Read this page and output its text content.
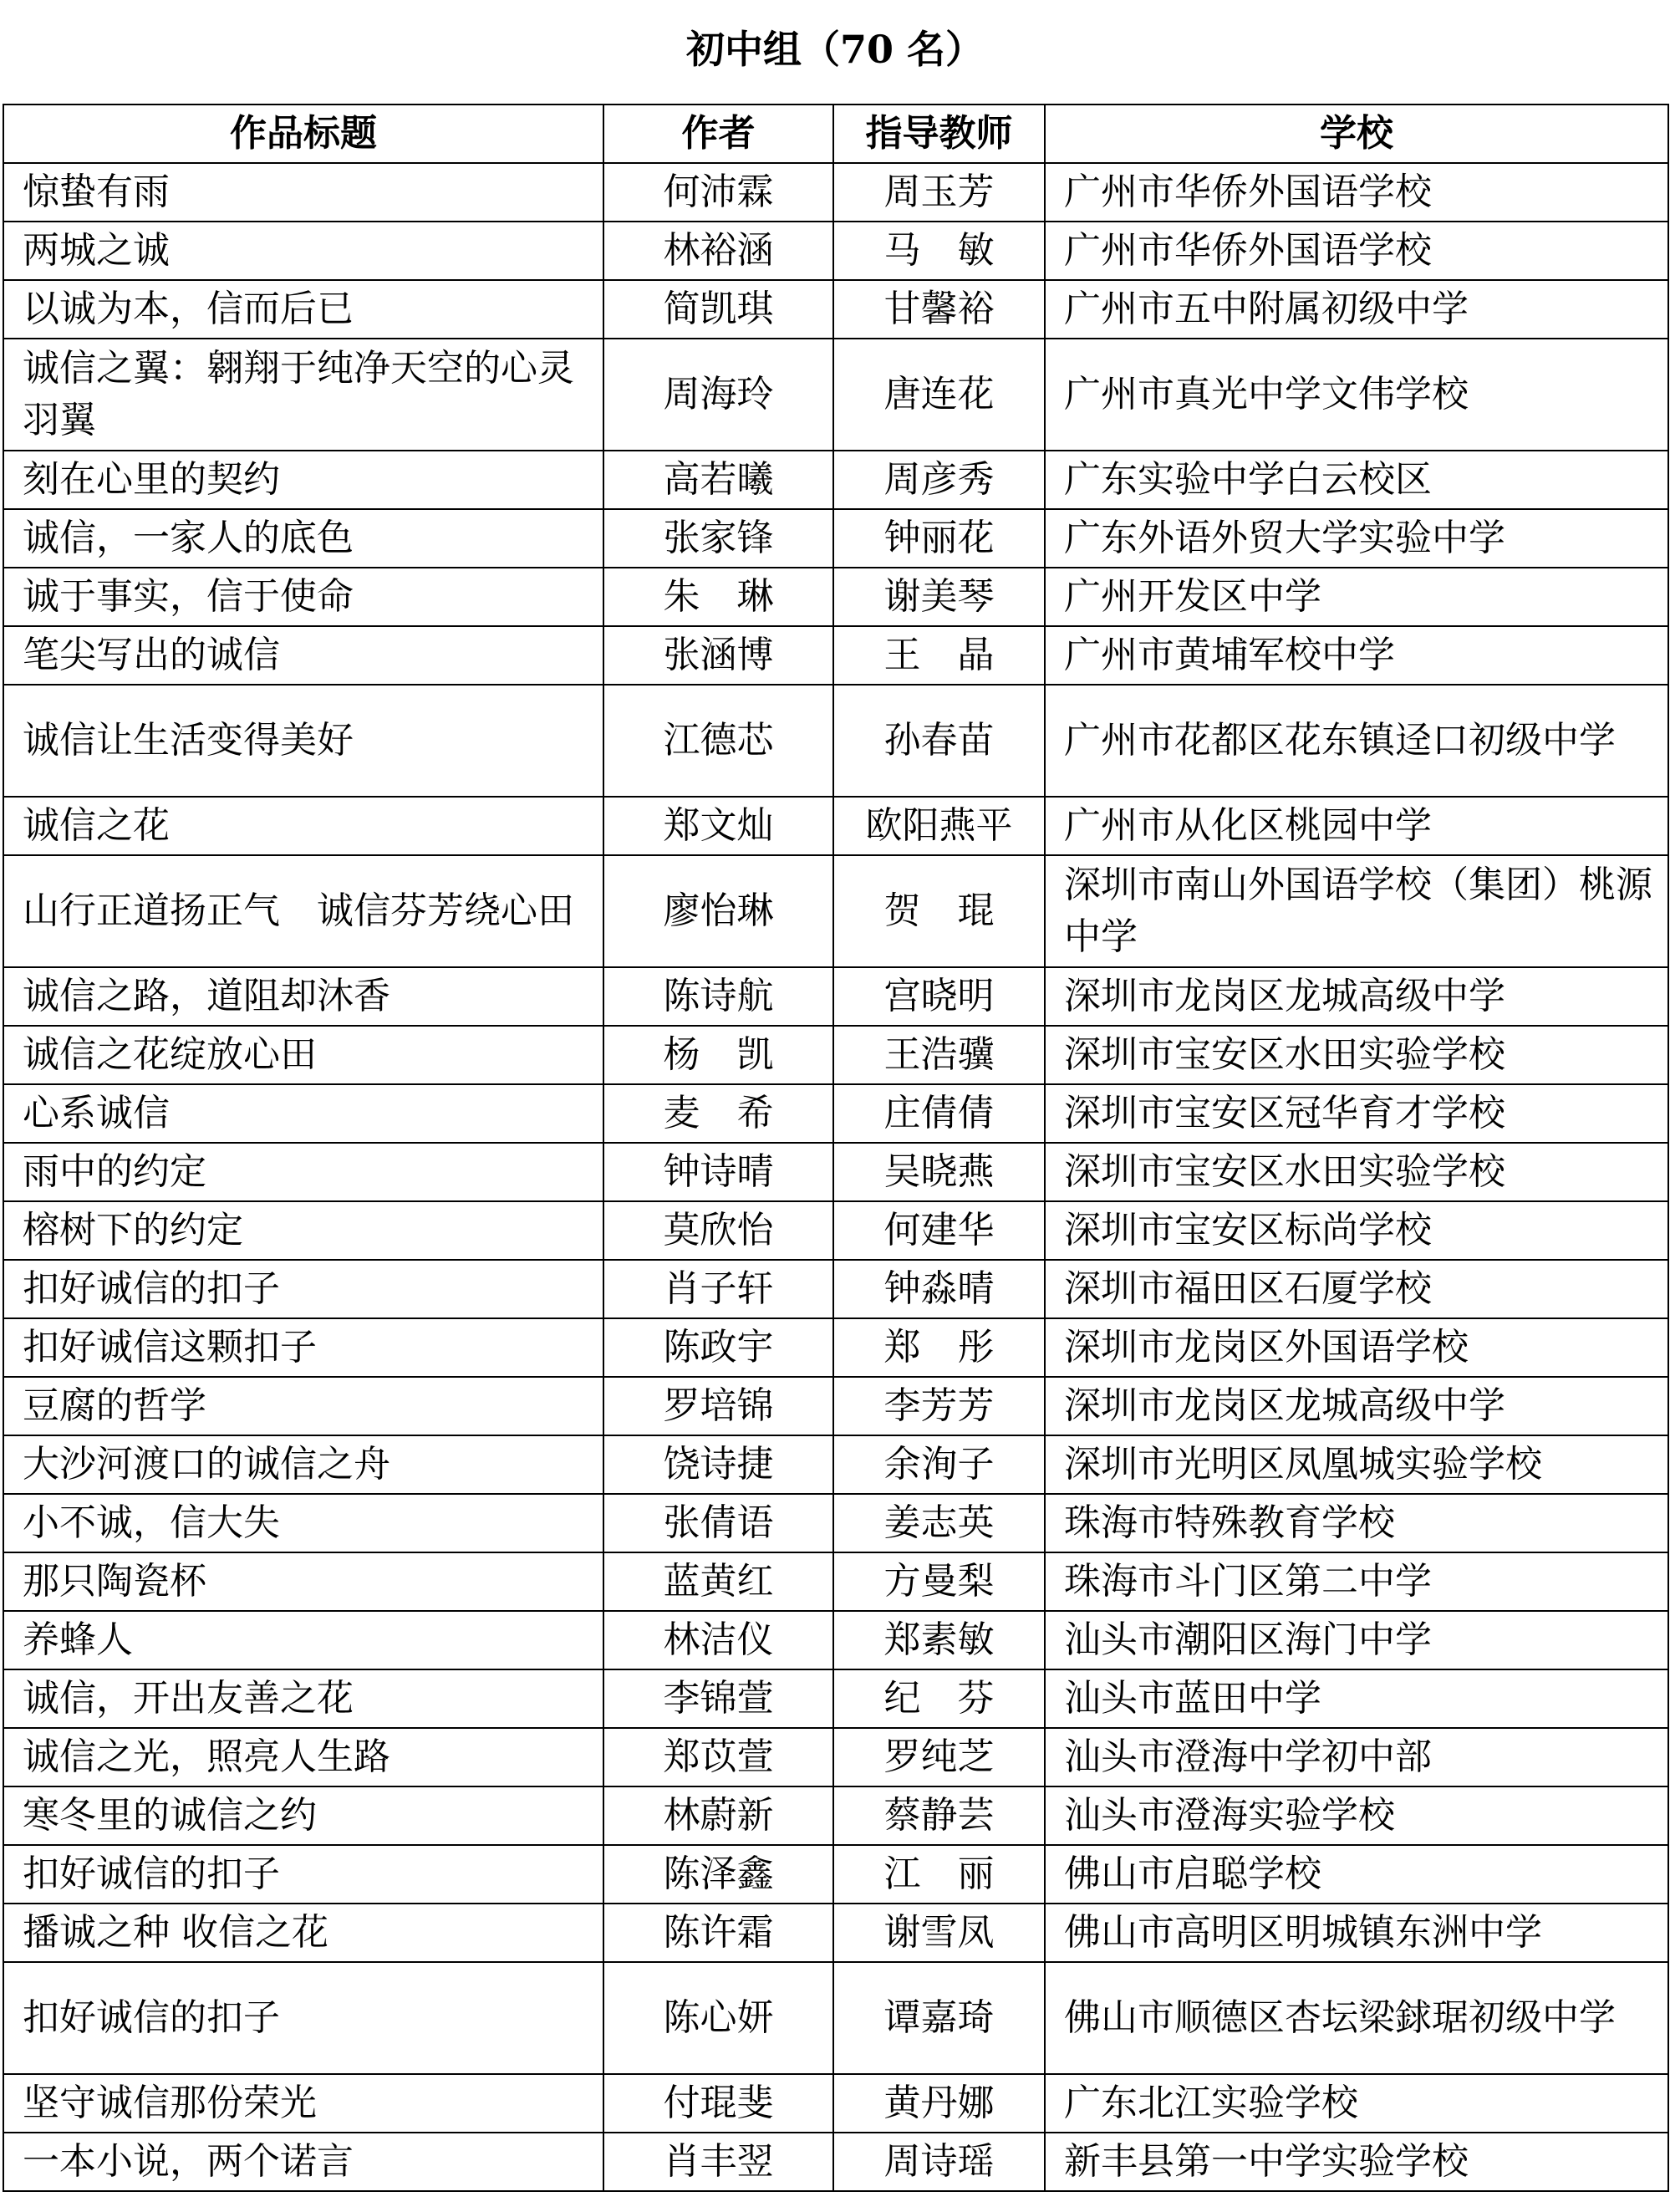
初中组（70 名）
作品标题	作者	指导教师	学校
惊蛰有雨	何沛霖	周玉芳	广州市华侨外国语学校
两城之诚	林裕涵	马　敏	广州市华侨外国语学校
以诚为本，信而后已	简凯琪	甘馨裕	广州市五中附属初级中学
诚信之翼：翱翔于纯净天空的心灵羽翼	周海玲	唐连花	广州市真光中学文伟学校
刻在心里的契约	高若曦	周彦秀	广东实验中学白云校区
诚信，一家人的底色	张家锋	钟丽花	广东外语外贸大学实验中学
诚于事实，信于使命	朱　琳	谢美琴	广州开发区中学
笔尖写出的诚信	张涵博	王　晶	广州市黄埔军校中学
诚信让生活变得美好	江德芯	孙春苗	广州市花都区花东镇迳口初级中学
诚信之花	郑文灿	欧阳燕平	广州市从化区桃园中学
山行正道扬正气　诚信芬芳绕心田	廖怡琳	贺　琨	深圳市南山外国语学校（集团）桃源中学
诚信之路，道阻却沐香	陈诗航	宫晓明	深圳市龙岗区龙城高级中学
诚信之花绽放心田	杨　凯	王浩骥	深圳市宝安区水田实验学校
心系诚信	麦　希	庄倩倩	深圳市宝安区冠华育才学校
雨中的约定	钟诗晴	吴晓燕	深圳市宝安区水田实验学校
榕树下的约定	莫欣怡	何建华	深圳市宝安区标尚学校
扣好诚信的扣子	肖子轩	钟淼晴	深圳市福田区石厦学校
扣好诚信这颗扣子	陈政宇	郑　彤	深圳市龙岗区外国语学校
豆腐的哲学	罗培锦	李芳芳	深圳市龙岗区龙城高级中学
大沙河渡口的诚信之舟	饶诗捷	余洵子	深圳市光明区凤凰城实验学校
小不诚，信大失	张倩语	姜志英	珠海市特殊教育学校
那只陶瓷杯	蓝黄红	方曼梨	珠海市斗门区第二中学
养蜂人	林洁仪	郑素敏	汕头市潮阳区海门中学
诚信，开出友善之花	李锦萱	纪　芬	汕头市蓝田中学
诚信之光，照亮人生路	郑苡萱	罗纯芝	汕头市澄海中学初中部
寒冬里的诚信之约	林蔚新	蔡静芸	汕头市澄海实验学校
扣好诚信的扣子	陈泽鑫	江　丽	佛山市启聪学校
播诚之种 收信之花	陈许霜	谢雪凤	佛山市高明区明城镇东洲中学
扣好诚信的扣子	陈心妍	谭嘉琦	佛山市顺德区杏坛梁銶琚初级中学
坚守诚信那份荣光	付琨斐	黄丹娜	广东北江实验学校
一本小说，两个诺言	肖丰翌	周诗瑶	新丰县第一中学实验学校
